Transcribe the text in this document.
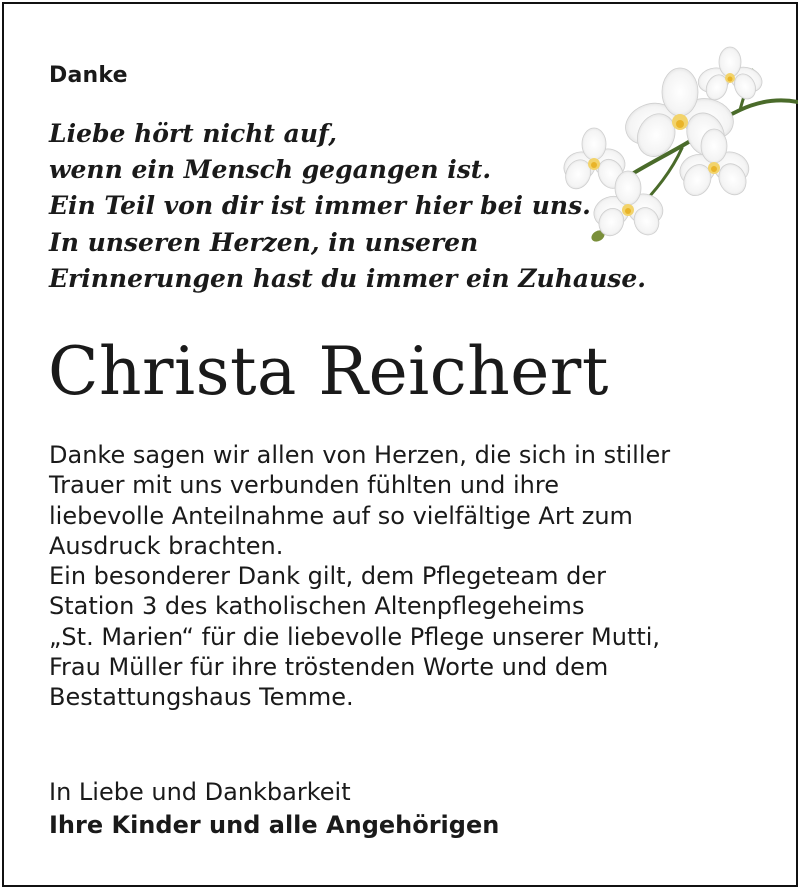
Danke
Liebe hört nicht auf,
wenn ein Mensch gegangen ist.
Ein Teil von dir ist immer hier bei uns.
In unseren Herzen, in unseren
Erinnerungen hast du immer ein Zuhause.
Christa Reichert
Danke sagen wir allen von Herzen, die sich in stiller
Trauer mit uns verbunden fühlten und ihre
liebevolle Anteilnahme auf so vielfältige Art zum
Ausdruck brachten.
Ein besonderer Dank gilt, dem Pflegeteam der
Station 3 des katholischen Altenpflegeheims
„St. Marien“ für die liebevolle Pflege unserer Mutti,
Frau Müller für ihre tröstenden Worte und dem
Bestattungshaus Temme.
In Liebe und Dankbarkeit
Ihre Kinder und alle Angehörigen
